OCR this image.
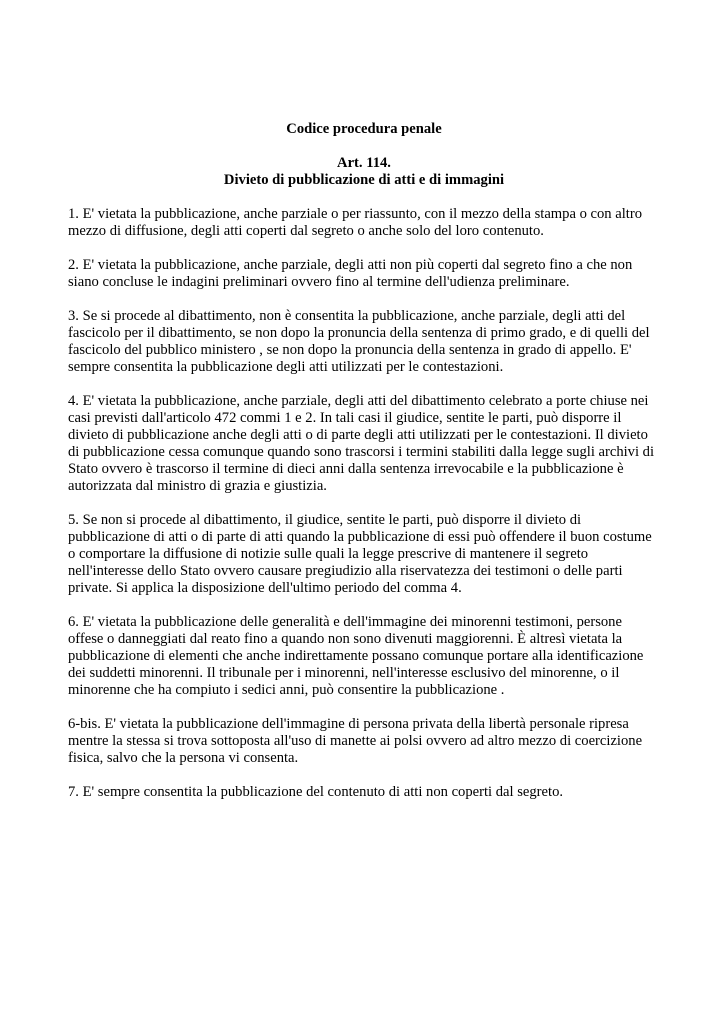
Codice procedura penale

Art. 114.

Divieto di pubblicazione di atti e di immagini

1. E' vietata la pubblicazione, anche parziale o per riassunto, con il mezzo della stampa o con altro
mezzo di diffusione, degli atti coperti dal segreto o anche solo del loro contenuto.

2. E' vietata la pubblicazione, anche parziale, degli atti non più coperti dal segreto fino a che non
siano concluse le indagini preliminari ovvero fino al termine dell'udienza preliminare.

3. Se si procede al dibattimento, non è consentita la pubblicazione, anche parziale, degli atti del
fascicolo per il dibattimento, se non dopo la pronuncia della sentenza di primo grado, e di quelli del
fascicolo del pubblico ministero , se non dopo la pronuncia della sentenza in grado di appello. E'
sempre consentita la pubblicazione degli atti utilizzati per le contestazioni.

4. E' vietata la pubblicazione, anche parziale, degli atti del dibattimento celebrato a porte chiuse nei
casi previsti dall'articolo 472 commi 1 e 2. In tali casi il giudice, sentite le parti, può disporre il
divieto di pubblicazione anche degli atti o di parte degli atti utilizzati per le contestazioni. Il divieto
di pubblicazione cessa comunque quando sono trascorsi i termini stabiliti dalla legge sugli archivi di
Stato ovvero è trascorso il termine di dieci anni dalla sentenza irrevocabile e la pubblicazione è
autorizzata dal ministro di grazia e giustizia.

5. Se non si procede al dibattimento, il giudice, sentite le parti, può disporre il divieto di
pubblicazione di atti o di parte di atti quando la pubblicazione di essi può offendere il buon costume
o comportare la diffusione di notizie sulle quali la legge prescrive di mantenere il segreto
nell'interesse dello Stato ovvero causare pregiudizio alla riservatezza dei testimoni o delle parti
private. Si applica la disposizione dell'ultimo periodo del comma 4.

6. E' vietata la pubblicazione delle generalità e dell'immagine dei minorenni testimoni, persone
offese o danneggiati dal reato fino a quando non sono divenuti maggiorenni. È altresì vietata la
pubblicazione di elementi che anche indirettamente possano comunque portare alla identificazione
dei suddetti minorenni. Il tribunale per i minorenni, nell'interesse esclusivo del minorenne, o il
minorenne che ha compiuto i sedici anni, può consentire la pubblicazione .

6-bis. E' vietata la pubblicazione dell'immagine di persona privata della libertà personale ripresa
mentre la stessa si trova sottoposta all'uso di manette ai polsi ovvero ad altro mezzo di coercizione
fisica, salvo che la persona vi consenta.

7. E' sempre consentita la pubblicazione del contenuto di atti non coperti dal segreto.
